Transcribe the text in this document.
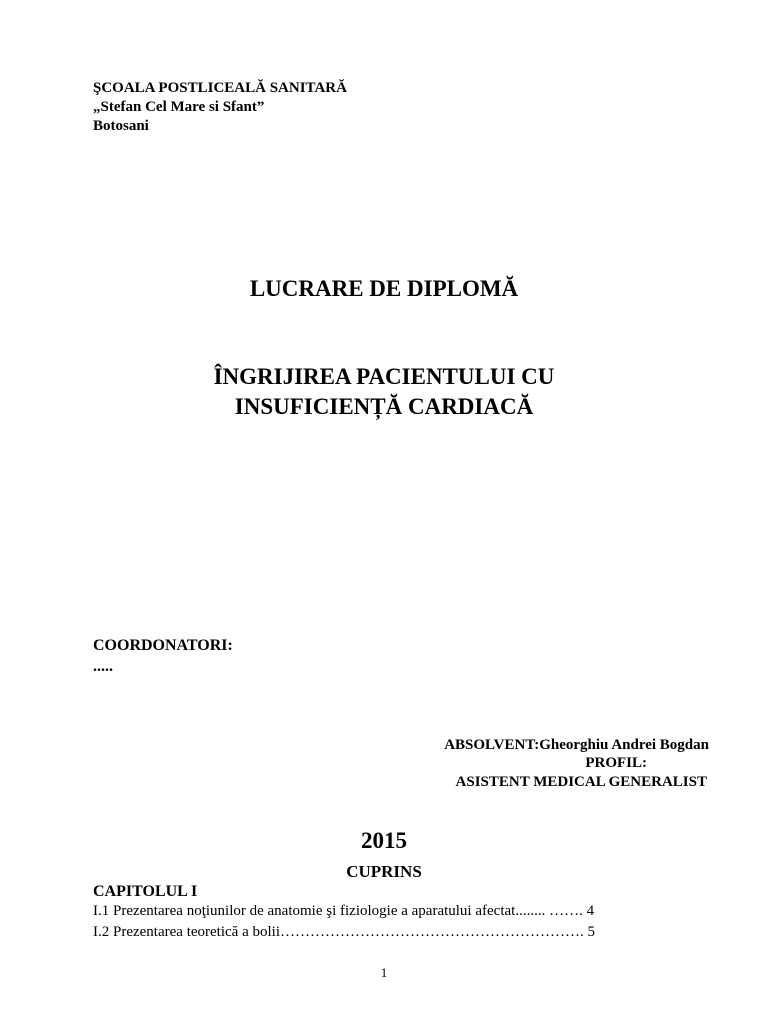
ŞCOALA POSTLICEALĂ SANITARĂ
„Stefan Cel Mare si Sfant”
Botosani
LUCRARE DE DIPLOMĂ
ÎNGRIJIREA PACIENTULUI CU
INSUFICIENȚĂ CARDIACĂ
COORDONATORI:
.....
ABSOLVENT:Gheorghiu Andrei Bogdan
PROFIL:
ASISTENT MEDICAL GENERALIST
2015
CUPRINS
CAPITOLUL I
I.1 Prezentarea noţiunilor de anatomie şi fiziologie a aparatului afectat........ ……. 4
I.2 Prezentarea teoretică a bolii……………………………………………………. 5
1
